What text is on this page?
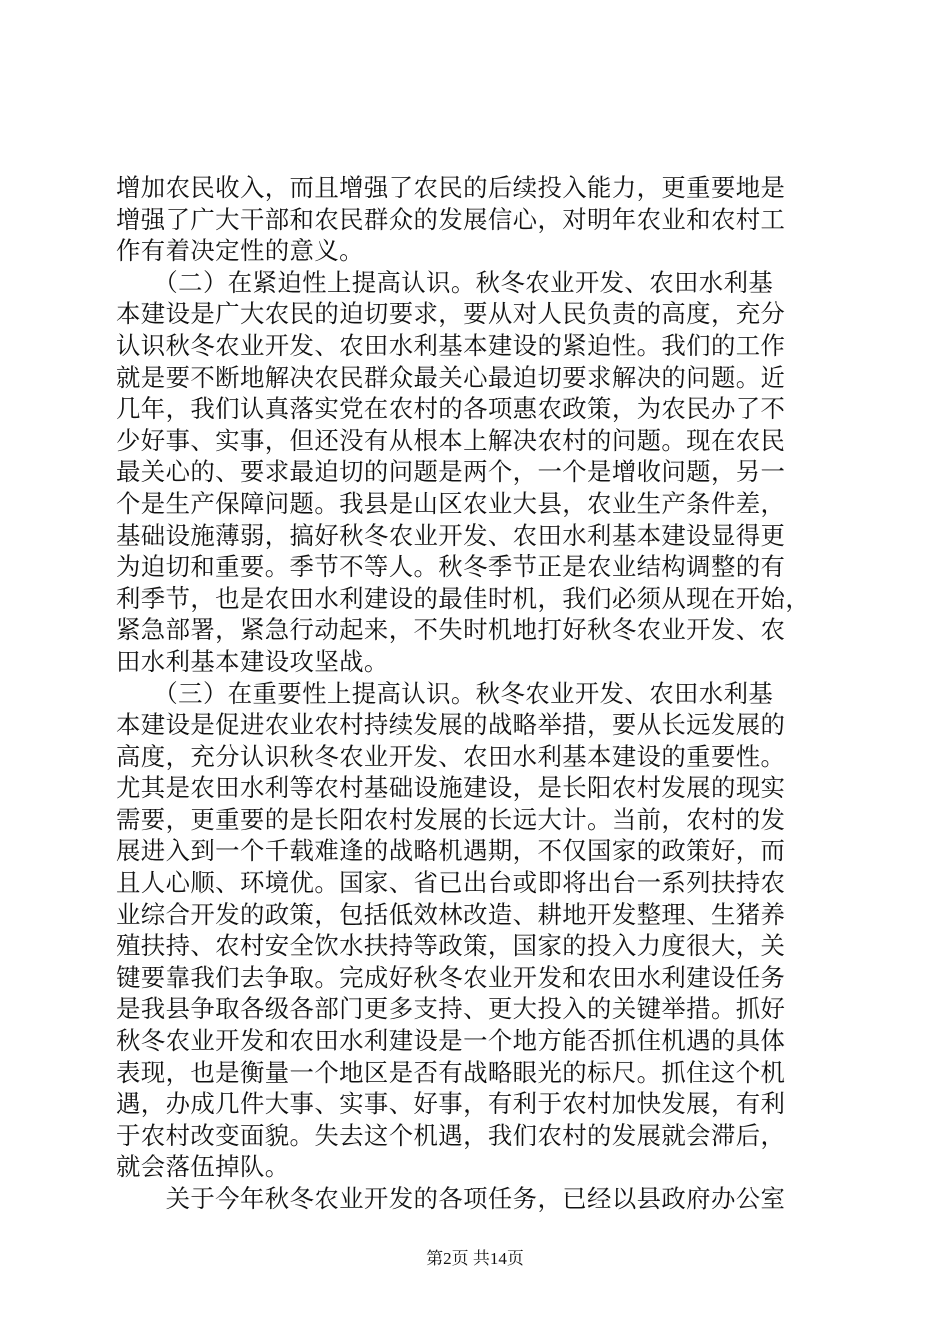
增加农民收入，而且增强了农民的后续投入能力，更重要地是
增强了广大干部和农民群众的发展信心，对明年农业和农村工
作有着决定性的意义。
　　（二）在紧迫性上提高认识。秋冬农业开发、农田水利基
本建设是广大农民的迫切要求，要从对人民负责的高度，充分
认识秋冬农业开发、农田水利基本建设的紧迫性。我们的工作
就是要不断地解决农民群众最关心最迫切要求解决的问题。近
几年，我们认真落实党在农村的各项惠农政策，为农民办了不
少好事、实事，但还没有从根本上解决农村的问题。现在农民
最关心的、要求最迫切的问题是两个，一个是增收问题，另一
个是生产保障问题。我县是山区农业大县，农业生产条件差，
基础设施薄弱，搞好秋冬农业开发、农田水利基本建设显得更
为迫切和重要。季节不等人。秋冬季节正是农业结构调整的有
利季节，也是农田水利建设的最佳时机，我们必须从现在开始，
紧急部署，紧急行动起来，不失时机地打好秋冬农业开发、农
田水利基本建设攻坚战。
　　（三）在重要性上提高认识。秋冬农业开发、农田水利基
本建设是促进农业农村持续发展的战略举措，要从长远发展的
高度，充分认识秋冬农业开发、农田水利基本建设的重要性。
尤其是农田水利等农村基础设施建设，是长阳农村发展的现实
需要，更重要的是长阳农村发展的长远大计。当前，农村的发
展进入到一个千载难逢的战略机遇期，不仅国家的政策好，而
且人心顺、环境优。国家、省已出台或即将出台一系列扶持农
业综合开发的政策，包括低效林改造、耕地开发整理、生猪养
殖扶持、农村安全饮水扶持等政策，国家的投入力度很大，关
键要靠我们去争取。完成好秋冬农业开发和农田水利建设任务
是我县争取各级各部门更多支持、更大投入的关键举措。抓好
秋冬农业开发和农田水利建设是一个地方能否抓住机遇的具体
表现，也是衡量一个地区是否有战略眼光的标尺。抓住这个机
遇，办成几件大事、实事、好事，有利于农村加快发展，有利
于农村改变面貌。失去这个机遇，我们农村的发展就会滞后，
就会落伍掉队。
　　关于今年秋冬农业开发的各项任务，已经以县政府办公室
第2页 共14页
